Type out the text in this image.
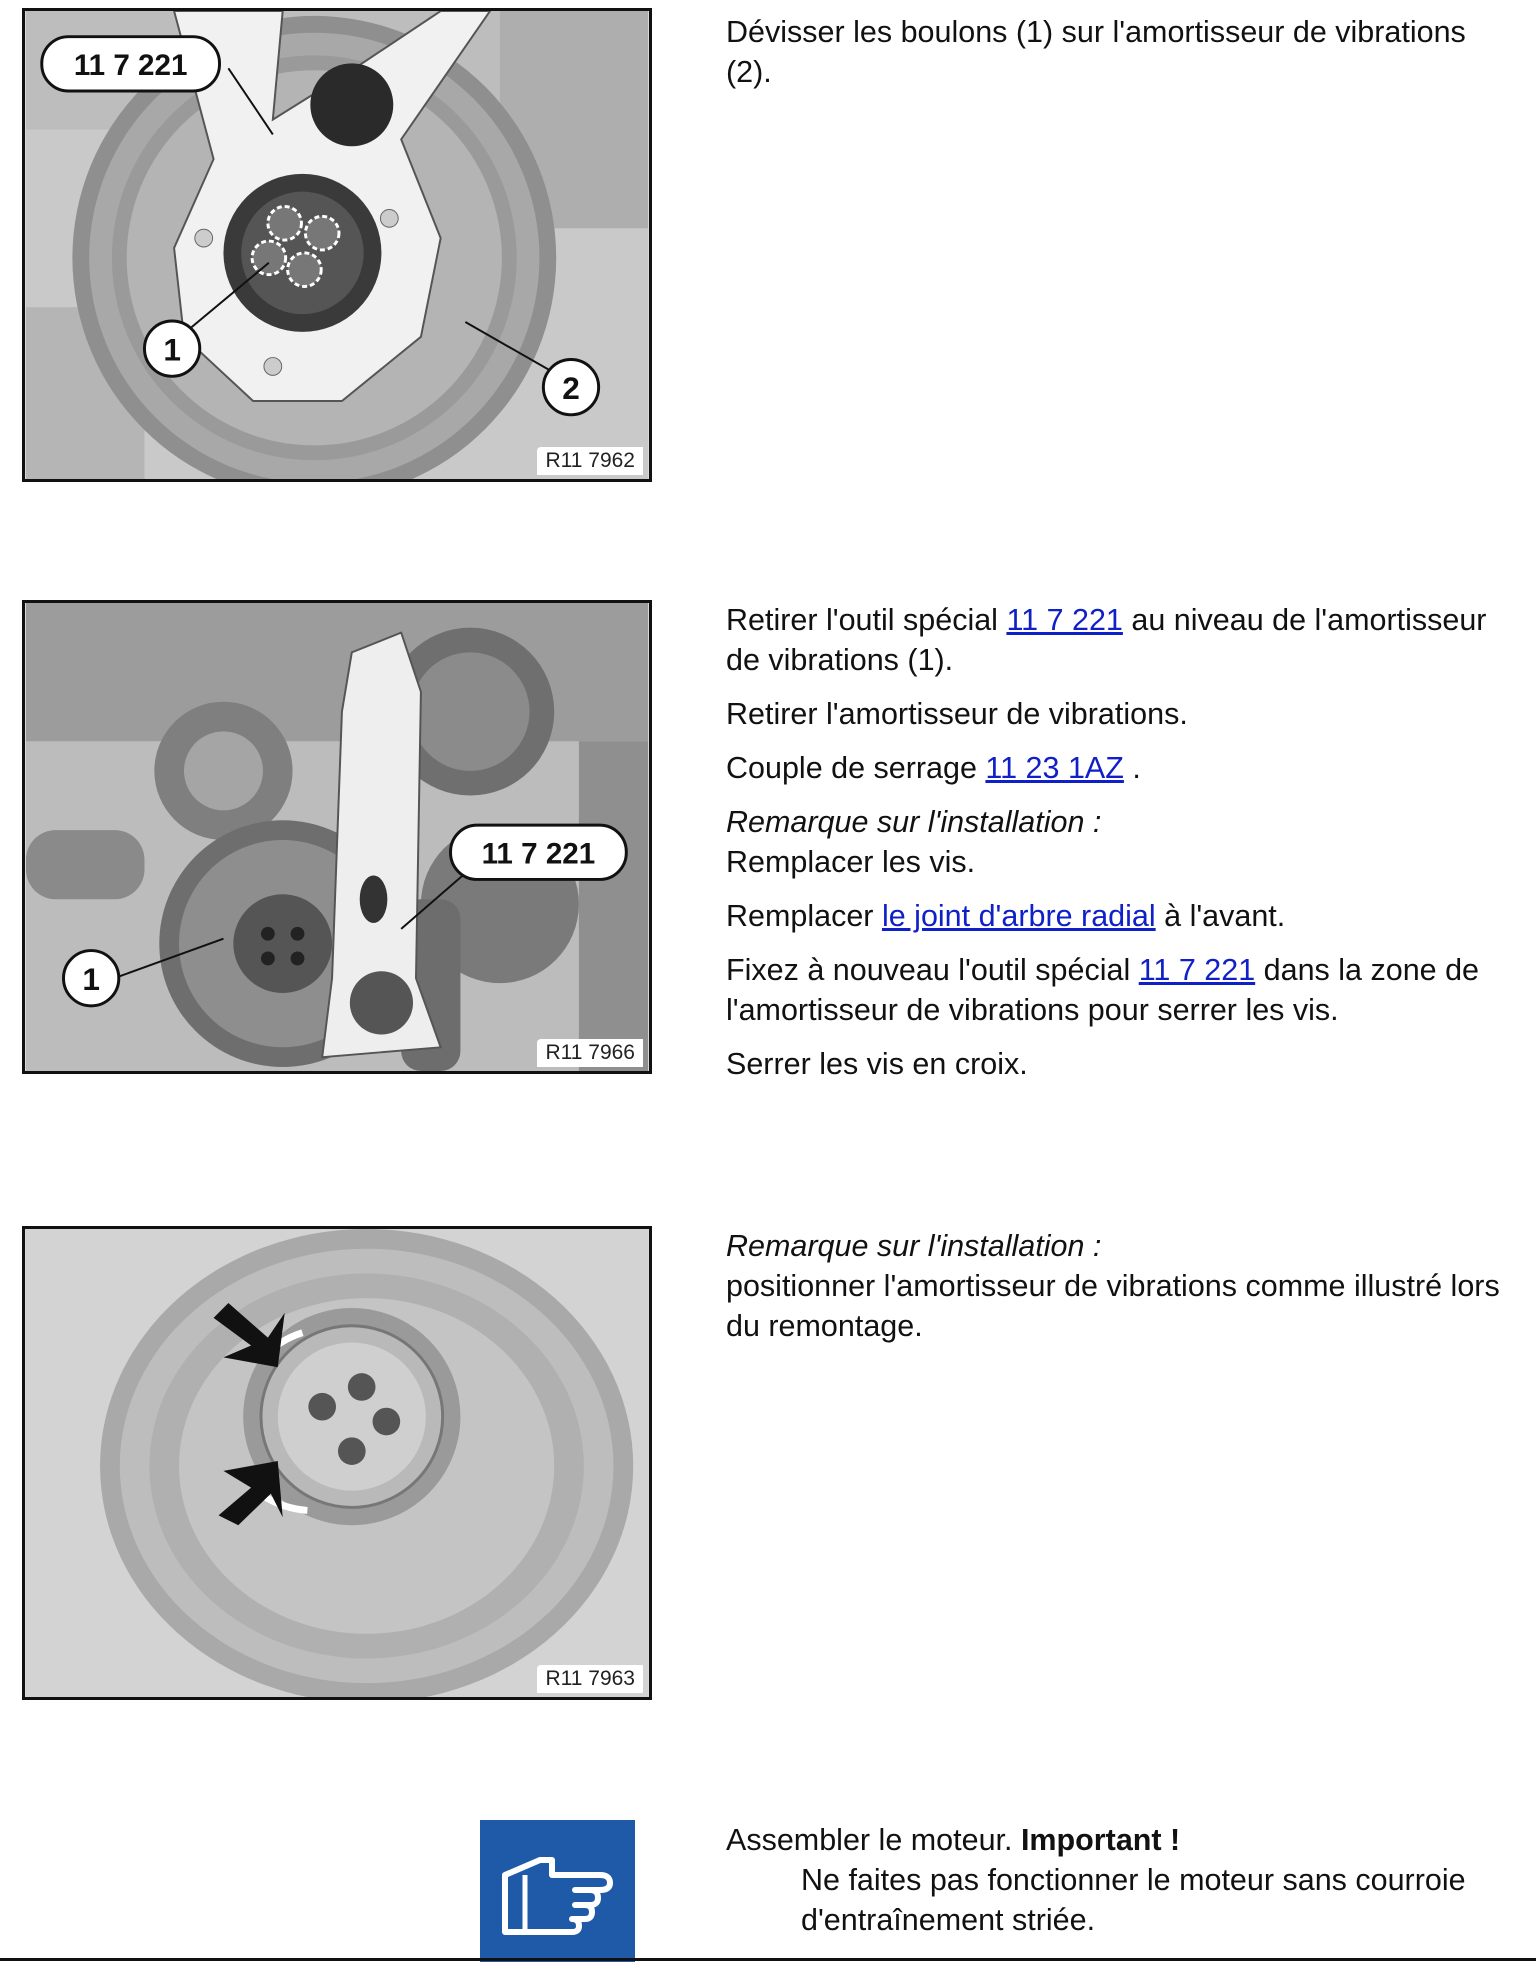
11 7 221
1
2
R11 7962

Dévisser les boulons (1) sur l'amortisseur de vibrations (2).

11 7 221
1
R11 7966

Retirer l'outil spécial 11 7 221 au niveau de l'amortisseur de vibrations (1).

Retirer l'amortisseur de vibrations.

Couple de serrage 11 23 1AZ .

Remarque sur l'installation :
Remplacer les vis.

Remplacer le joint d'arbre radial à l'avant.

Fixez à nouveau l'outil spécial 11 7 221 dans la zone de l'amortisseur de vibrations pour serrer les vis.

Serrer les vis en croix.

R11 7963

Remarque sur l'installation :
positionner l'amortisseur de vibrations comme illustré lors du remontage.

Assembler le moteur. Important !

Ne faites pas fonctionner le moteur sans courroie d'entraînement striée.
